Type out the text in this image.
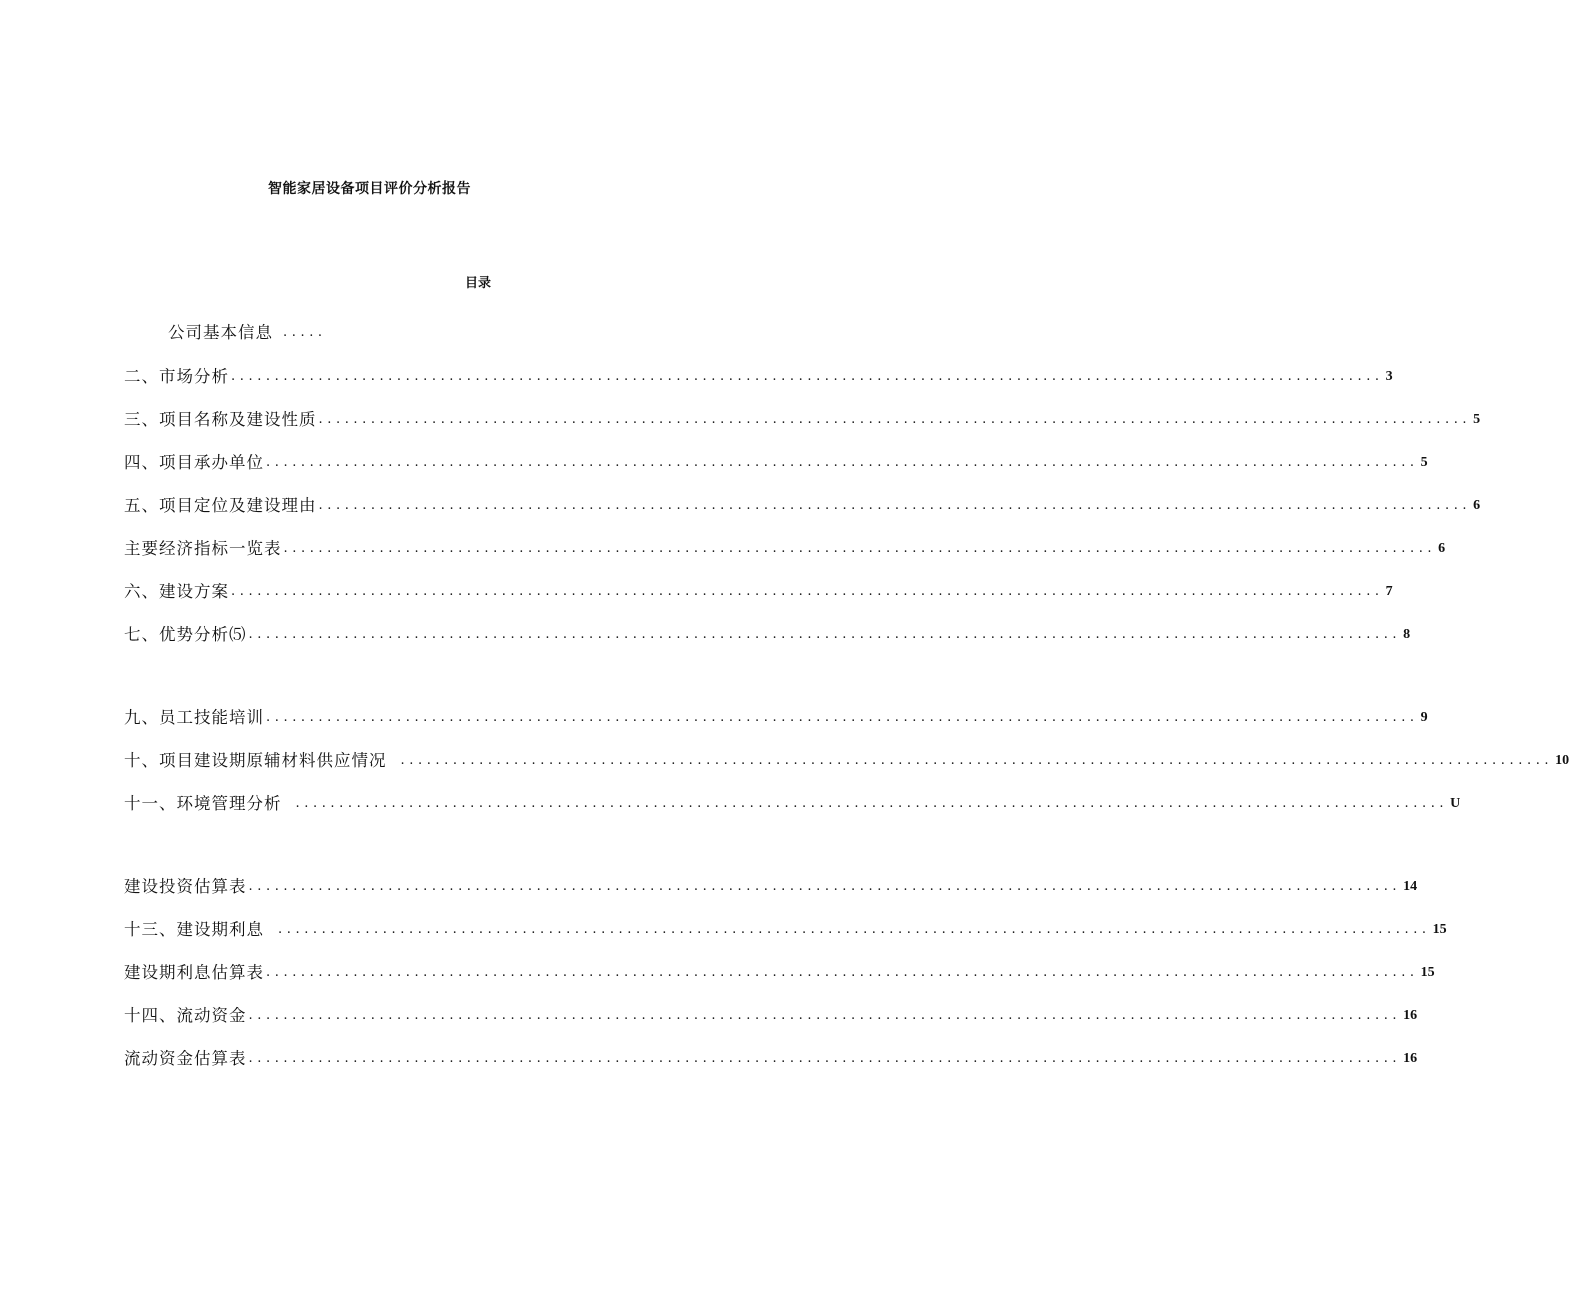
智能家居设备项目评价分析报告
目录
公司基本信息 .....
二、市场分析 .................................................................................................................................... 3
三、项目名称及建设性质 .................................................................................................................................... 5
四、项目承办单位 .................................................................................................................................... 5
五、项目定位及建设理由 .................................................................................................................................... 6
主要经济指标一览表 .................................................................................................................................... 6
六、建设方案 .................................................................................................................................... 7
七、优势分析⑸ .................................................................................................................................... 8
九、员工技能培训 .................................................................................................................................... 9
十、项目建设期原辅材料供应情况 .................................................................................................................................... 10
十一、环境管理分析 .................................................................................................................................... U
建设投资估算表 .................................................................................................................................... 14
十三、建设期利息 .................................................................................................................................... 15
建设期利息估算表 .................................................................................................................................... 15
十四、流动资金 .................................................................................................................................... 16
流动资金估算表 .................................................................................................................................... 16
